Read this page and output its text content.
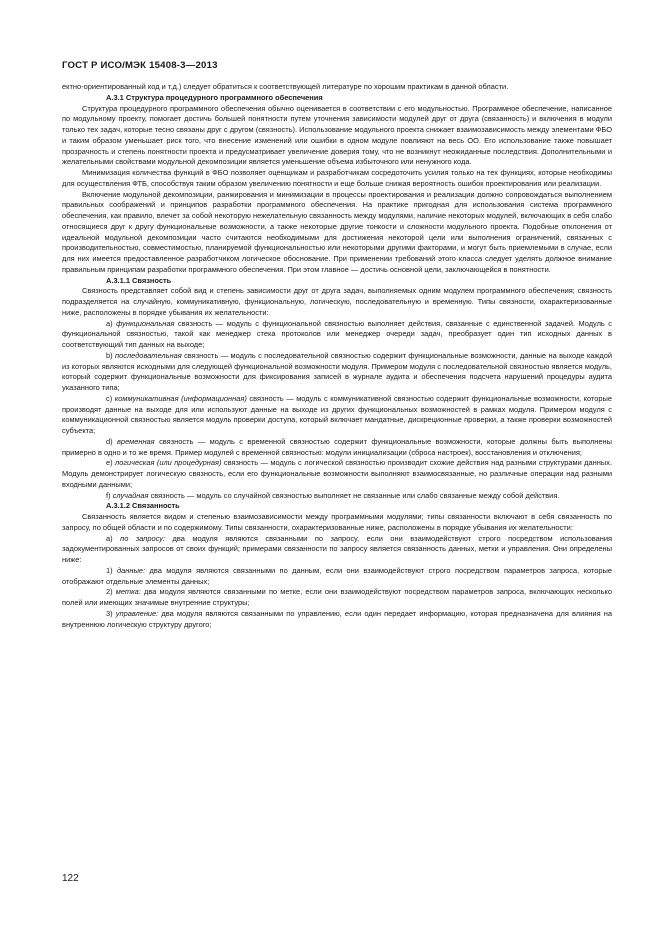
ГОСТ Р ИСО/МЭК 15408-3—2013

ектно-ориентированный код и т.д.) следует обратиться к соответствующей литературе по хорошим практикам в данной области.

А.3.1 Структура процедурного программного обеспечения

Структура процедурного программного обеспечения обычно оценивается в соответствии с его модульностью. Программное обеспечение, написанное по модульному проекту, помогает достичь большей понятности путем уточнения зависимости модулей друг от друга (связанность) и включения в модули только тех задач, которые тесно связаны друг с другом (связность). Использование модульного проекта снижает взаимозависимость между элементами ФБО и таким образом уменьшает риск того, что внесение изменений или ошибки в одном модуле повлияют на весь ОО. Его использование также повышает прозрачность и степень понятности проекта и предусматривает увеличение доверия тому, что не возникнут неожиданные последствия. Дополнительными и желательными свойствами модульной декомпозиции является уменьшение объема избыточного или ненужного кода.

Минимизация количества функций в ФБО позволяет оценщикам и разработчикам сосредоточить усилия только на тех функциях, которые необходимы для осуществления ФТБ, способствуя таким образом увеличению понятности и еще больше снижая вероятность ошибок проектирования или реализации.

Включение модульной декомпозиции, ранжирования и минимизации в процессы проектирования и реализации должно сопровождаться выполнением правильных соображений и принципов разработки программного обеспечения. На практике пригодная для использования система программного обеспечения, как правило, влечет за собой некоторую нежелательную связанность между модулями, наличие некоторых модулей, включающих в себя слабо относящиеся друг к другу функциональные возможности, а также некоторые другие тонкости и сложности модульного проекта. Подобные отклонения от идеальной модульной декомпозиции часто считаются необходимыми для достижения некоторой цели или выполнения ограничений, связанных с производительностью, совместимостью, планируемой функциональностью или некоторыми другими факторами, и могут быть приемлемыми в случае, если для них имеется предоставленное разработчиком логическое обоснование. При применении требований этого класса следует уделять должное внимание правильным принципам разработки программного обеспечения. При этом главное — достичь основной цели, заключающейся в понятности.

А.3.1.1 Связность

Связность представляет собой вид и степень зависимости друг от друга задач, выполняемых одним модулем программного обеспечения; связность подразделяется на случайную, коммуникативную, функциональную, логическую, последовательную и временную. Типы связности, охарактеризованные ниже, расположены в порядке убывания их желательности:

a) функциональная связность — модуль с функциональной связностью выполняет действия, связанные с единственной задачей. Модуль с функциональной связностью, такой как менеджер стека протоколов или менеджер очереди задач, преобразует один тип исходных данных в соответствующий тип данных на выходе;

b) последовательная связность — модуль с последовательной связностью содержит функциональные возможности, данные на выходе каждой из которых являются исходными для следующей функциональной возможности модуля. Примером модуля с последовательной связностью является модуль, который содержит функциональные возможности для фиксирования записей в журнале аудита и обеспечения подсчета нарушений процедуры аудита указанного типа;

c) коммуникативная (информационная) связность — модуль с коммуникативной связностью содержит функциональные возможности, которые производят данные на выходе для или используют данные на выходе из других функциональных возможностей в рамках модуля. Примером модуля с коммуникационной связностью является модуль проверки доступа, который включает мандатные, дискреционные проверки, а также проверки возможностей субъекта;

d) временная связность — модуль с временной связностью содержит функциональные возможности, которые должны быть выполнены примерно в одно и то же время. Пример модулей с временной связностью: модули инициализации (сброса настроек), восстановления и отключения;

e) логическая (или процедурная) связность — модуль с логической связностью производит схожие действия над разными структурами данных. Модуль демонстрирует логическую связность, если его функциональные возможности выполняют взаимосвязанные, но различные операции над разными входными данными;

f) случайная связность — модуль со случайной связностью выполняет не связанные или слабо связанные между собой действия.

А.3.1.2 Связанность

Связанность является видом и степенью взаимозависимости между программными модулями; типы связанности включают в себя связанность по запросу, по общей области и по содержимому. Типы связанности, охарактеризованные ниже, расположены в порядке убывания их желательности:

a) по запросу: два модуля являются связанными по запросу, если они взаимодействуют строго посредством использования задокументированных запросов от своих функций; примерами связанности по запросу является связанность данных, метки и управления. Они определены ниже:

1) данные: два модуля являются связанными по данным, если они взаимодействуют строго посредством параметров запроса, которые отображают отдельные элементы данных;

2) метка: два модуля являются связанными по метке, если они взаимодействуют посредством параметров запроса, включающих несколько полей или имеющих значимые внутренние структуры;

3) управление: два модуля являются связанными по управлению, если один передает информацию, которая предназначена для влияния на внутреннюю логическую структуру другого;

122
